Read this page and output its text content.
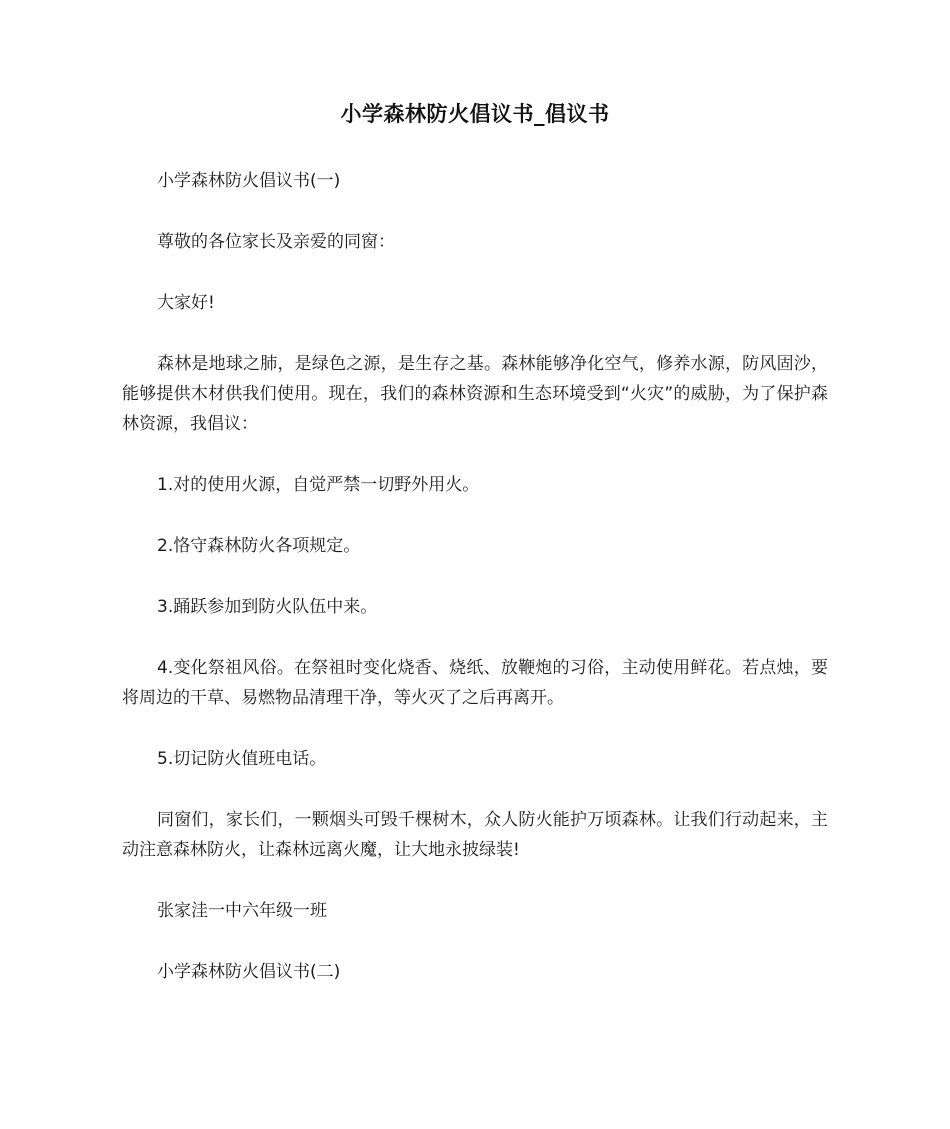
小学森林防火倡议书_倡议书

小学森林防火倡议书(一)

尊敬的各位家长及亲爱的同窗：

大家好!

森林是地球之肺，是绿色之源，是生存之基。森林能够净化空气，修养水源，防风固沙，能够提供木材供我们使用。现在，我们的森林资源和生态环境受到“火灾”的威胁，为了保护森林资源，我倡议：

1.对的使用火源，自觉严禁一切野外用火。

2.恪守森林防火各项规定。

3.踊跃参加到防火队伍中来。

4.变化祭祖风俗。在祭祖时变化烧香、烧纸、放鞭炮的习俗，主动使用鲜花。若点烛，要将周边的干草、易燃物品清理干净，等火灭了之后再离开。

5.切记防火值班电话。

同窗们，家长们，一颗烟头可毁千棵树木，众人防火能护万顷森林。让我们行动起来，主动注意森林防火，让森林远离火魔，让大地永披绿装!

张家洼一中六年级一班

小学森林防火倡议书(二)
